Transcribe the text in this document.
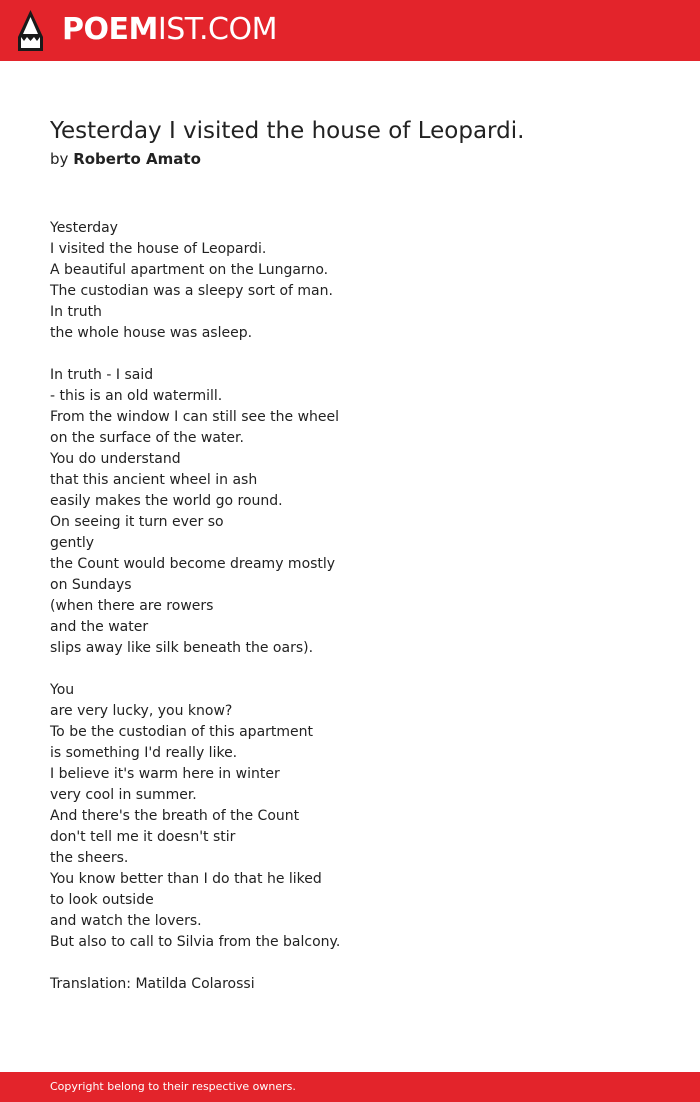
POEMIST.COM
Yesterday I visited the house of Leopardi.
by Roberto Amato
Yesterday
I visited the house of Leopardi.
A beautiful apartment on the Lungarno.
The custodian was a sleepy sort of man.
In truth
the whole house was asleep.
In truth - I said
- this is an old watermill.
From the window I can still see the wheel
on the surface of the water.
You do understand
that this ancient wheel in ash
easily makes the world go round.
On seeing it turn ever so
gently
the Count would become dreamy mostly
on Sundays
(when there are rowers
and the water
slips away like silk beneath the oars).
You
are very lucky, you know?
To be the custodian of this apartment
is something I'd really like.
I believe it's warm here in winter
very cool in summer.
And there's the breath of the Count
don't tell me it doesn't stir
the sheers.
You know better than I do that he liked
to look outside
and watch the lovers.
But also to call to Silvia from the balcony.
Translation: Matilda Colarossi
Copyright belong to their respective owners.
